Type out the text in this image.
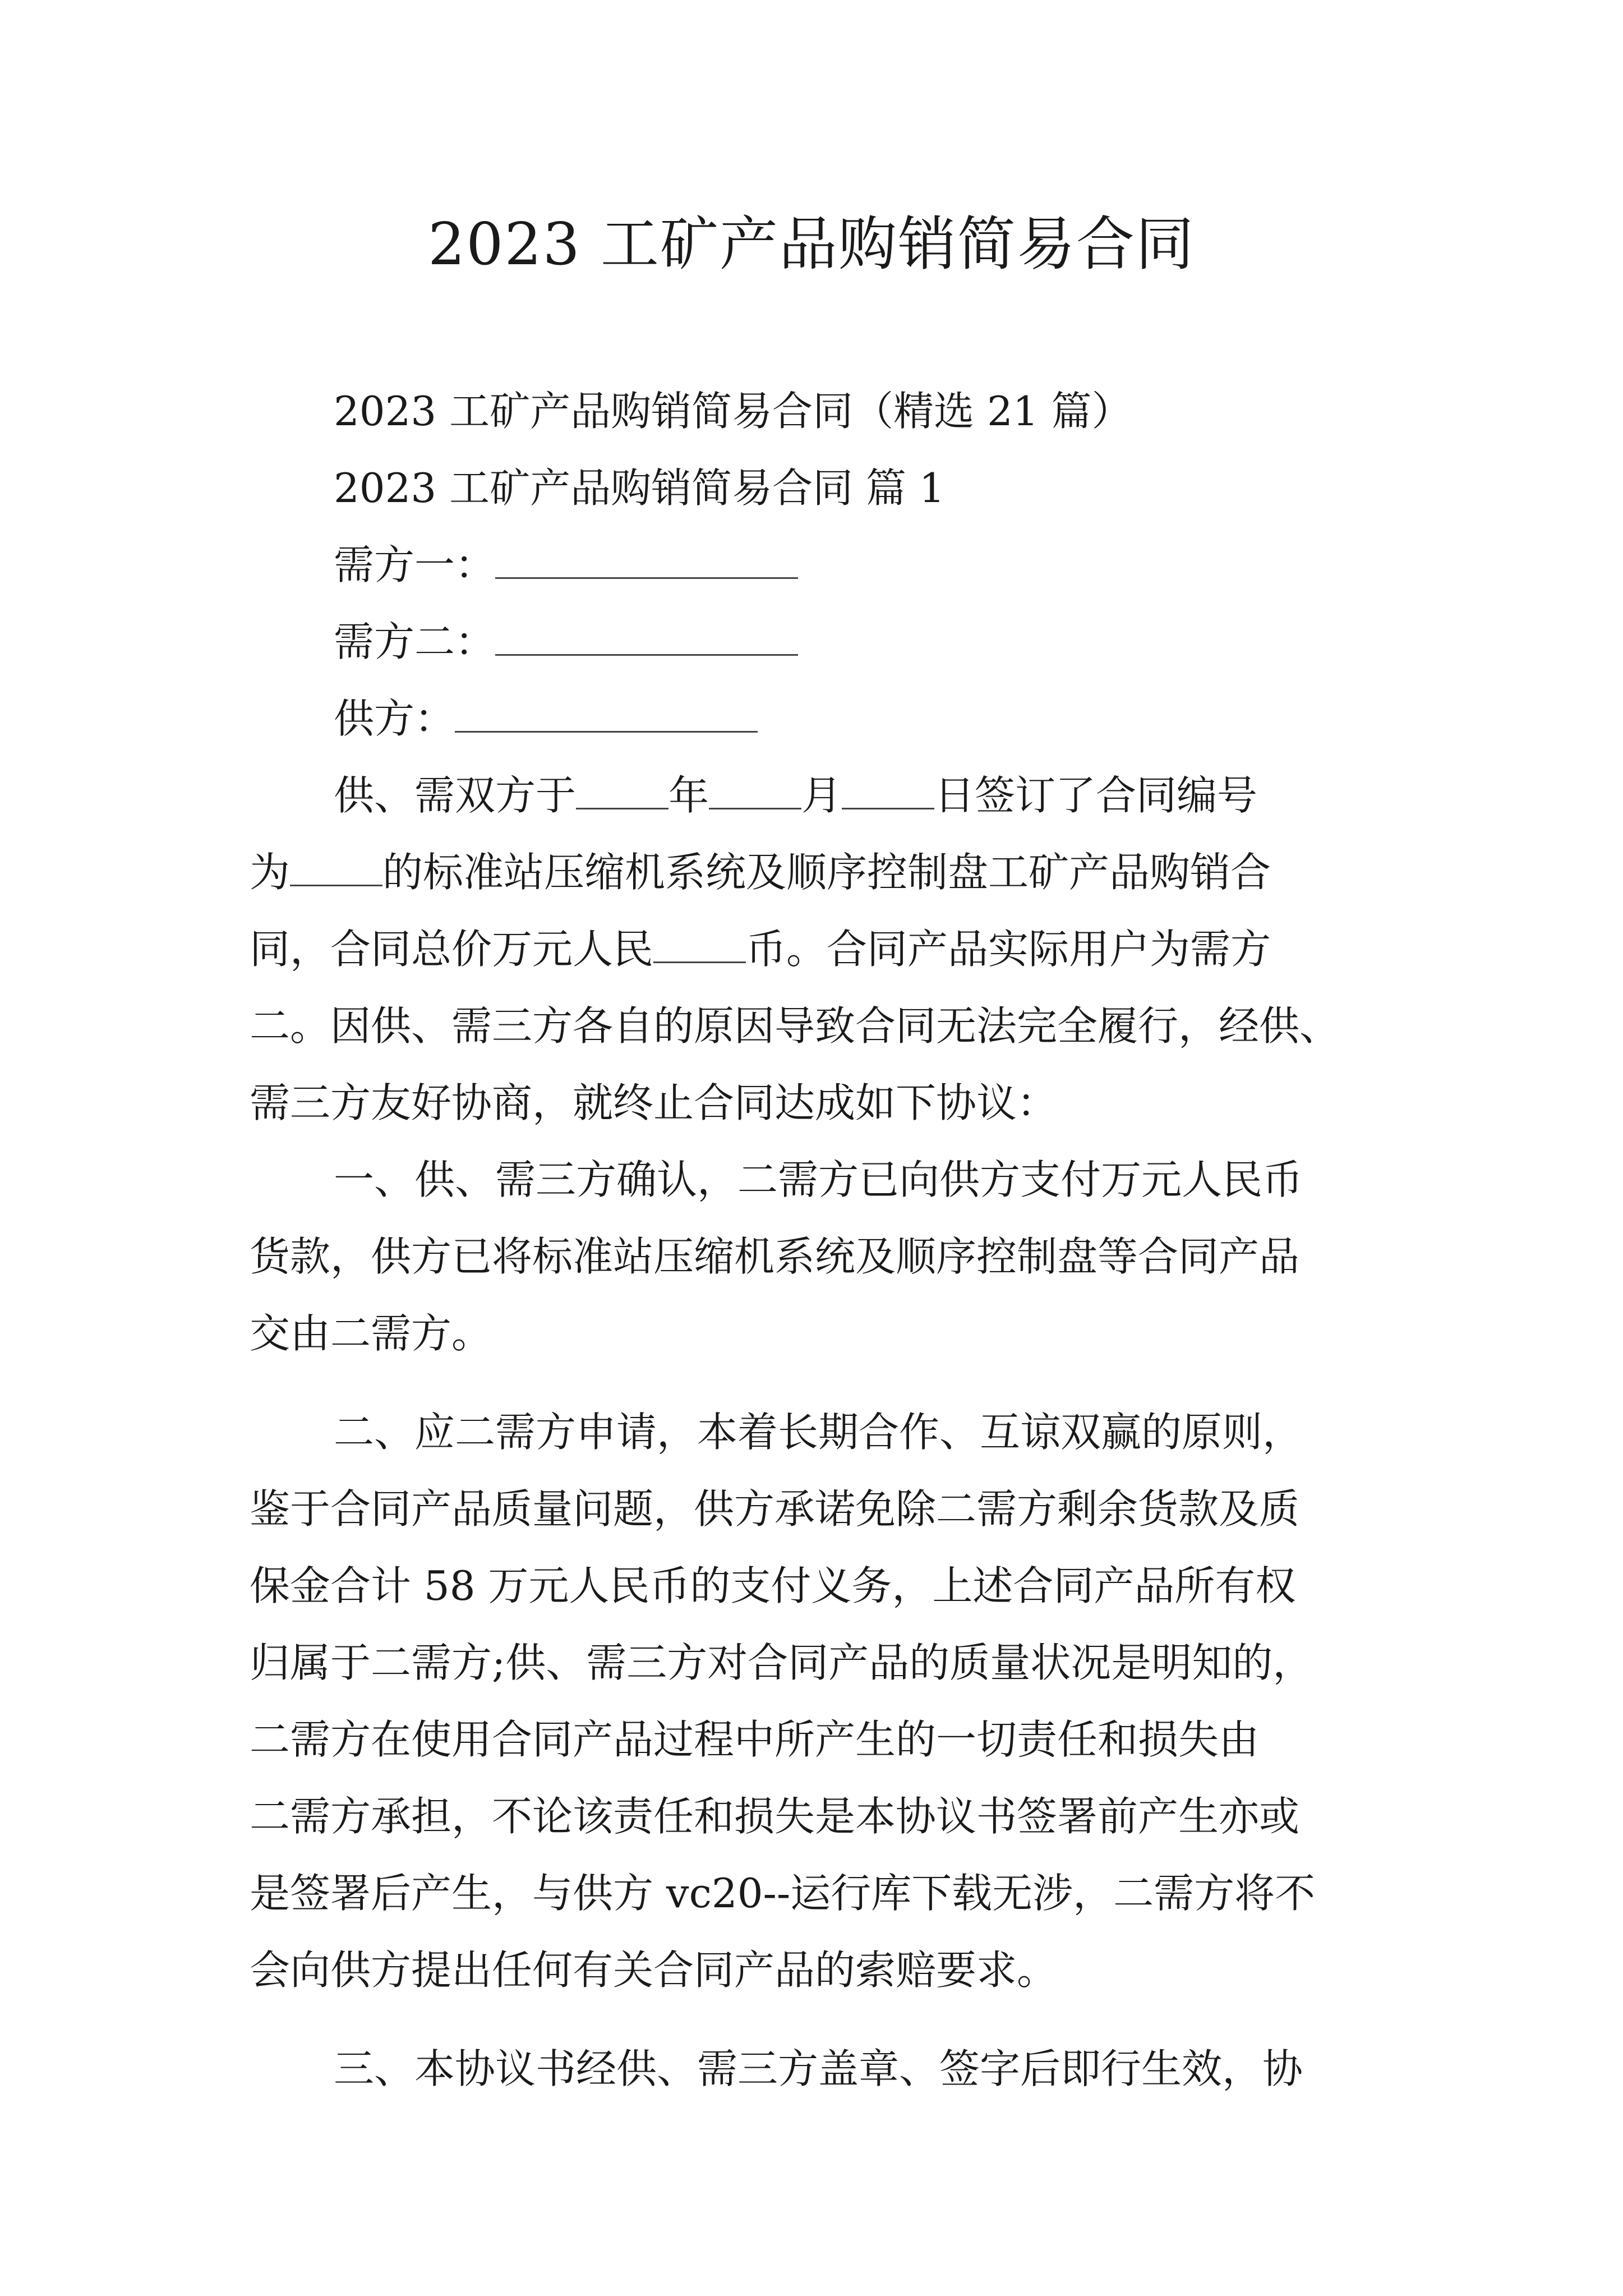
2023 工矿产品购销简易合同
2023 工矿产品购销简易合同（精选 21 篇）
2023 工矿产品购销简易合同 篇 1
需方一：
需方二：
供方：
供、需双方于 年 月 日签订了合同编号
为 的标准站压缩机系统及顺序控制盘工矿产品购销合
同，合同总价万元人民 币。合同产品实际用户为需方
二。因供、需三方各自的原因导致合同无法完全履行，经供、
需三方友好协商，就终止合同达成如下协议：
一、供、需三方确认，二需方已向供方支付万元人民币
货款，供方已将标准站压缩机系统及顺序控制盘等合同产品
交由二需方。
二、应二需方申请，本着长期合作、互谅双赢的原则，
鉴于合同产品质量问题，供方承诺免除二需方剩余货款及质
保金合计 58 万元人民币的支付义务，上述合同产品所有权
归属于二需方;供、需三方对合同产品的质量状况是明知的，
二需方在使用合同产品过程中所产生的一切责任和损失由
二需方承担，不论该责任和损失是本协议书签署前产生亦或
是签署后产生，与供方 vc20--运行库下载无涉，二需方将不
会向供方提出任何有关合同产品的索赔要求。
三、本协议书经供、需三方盖章、签字后即行生效，协
